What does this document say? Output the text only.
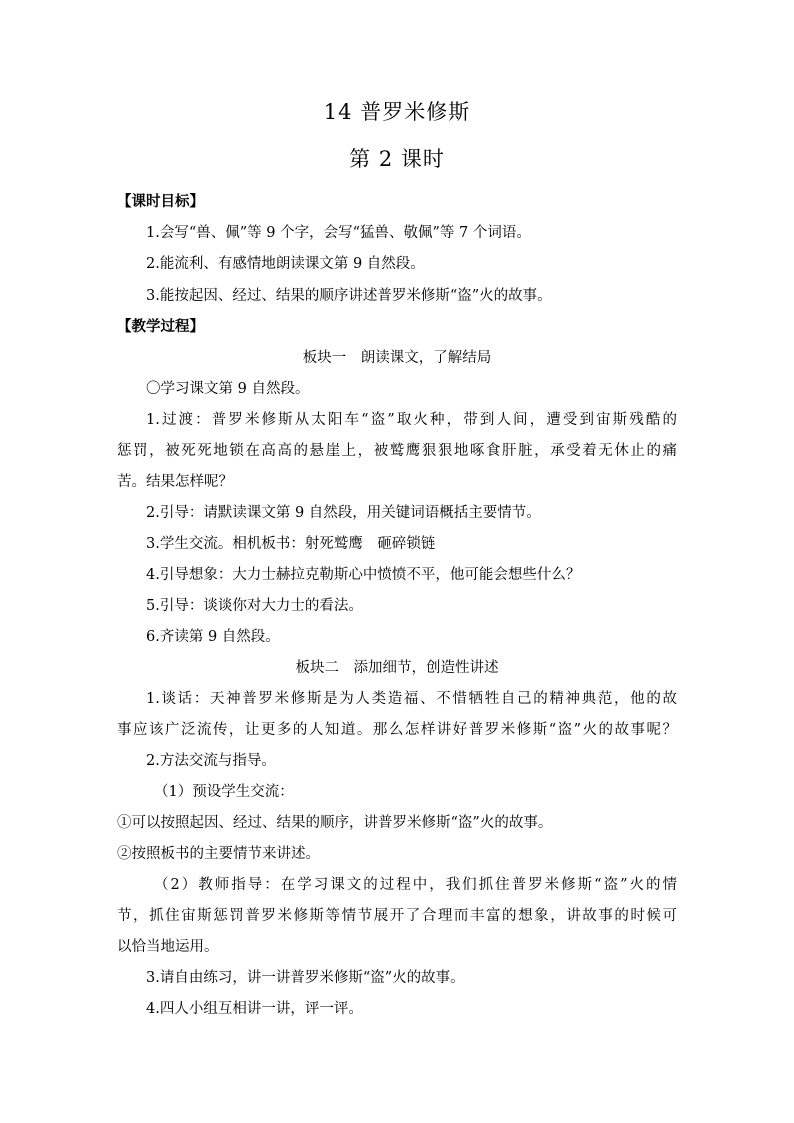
14 普罗米修斯
第 2 课时
【课时目标】
1.会写“兽、佩”等 9 个字，会写“猛兽、敬佩”等 7 个词语。
2.能流利、有感情地朗读课文第 9 自然段。
3.能按起因、经过、结果的顺序讲述普罗米修斯“盗”火的故事。
【教学过程】
板块一　朗读课文，了解结局
〇学习课文第 9 自然段。
1.过渡：普罗米修斯从太阳车“盗”取火种，带到人间，遭受到宙斯残酷的
惩罚，被死死地锁在高高的悬崖上，被鹫鹰狠狠地啄食肝脏，承受着无休止的痛
苦。结果怎样呢？
2.引导：请默读课文第 9 自然段，用关键词语概括主要情节。
3.学生交流。相机板书：射死鹫鹰　砸碎锁链
4.引导想象：大力士赫拉克勒斯心中愤愤不平，他可能会想些什么？
5.引导：谈谈你对大力士的看法。
6.齐读第 9 自然段。
板块二　添加细节，创造性讲述
1.谈话：天神普罗米修斯是为人类造福、不惜牺牲自己的精神典范，他的故
事应该广泛流传，让更多的人知道。那么怎样讲好普罗米修斯“盗”火的故事呢？
2.方法交流与指导。
（1）预设学生交流：
①可以按照起因、经过、结果的顺序，讲普罗米修斯“盗”火的故事。
②按照板书的主要情节来讲述。
（2）教师指导：在学习课文的过程中，我们抓住普罗米修斯“盗”火的情
节，抓住宙斯惩罚普罗米修斯等情节展开了合理而丰富的想象，讲故事的时候可
以恰当地运用。
3.请自由练习，讲一讲普罗米修斯“盗”火的故事。
4.四人小组互相讲一讲，评一评。
